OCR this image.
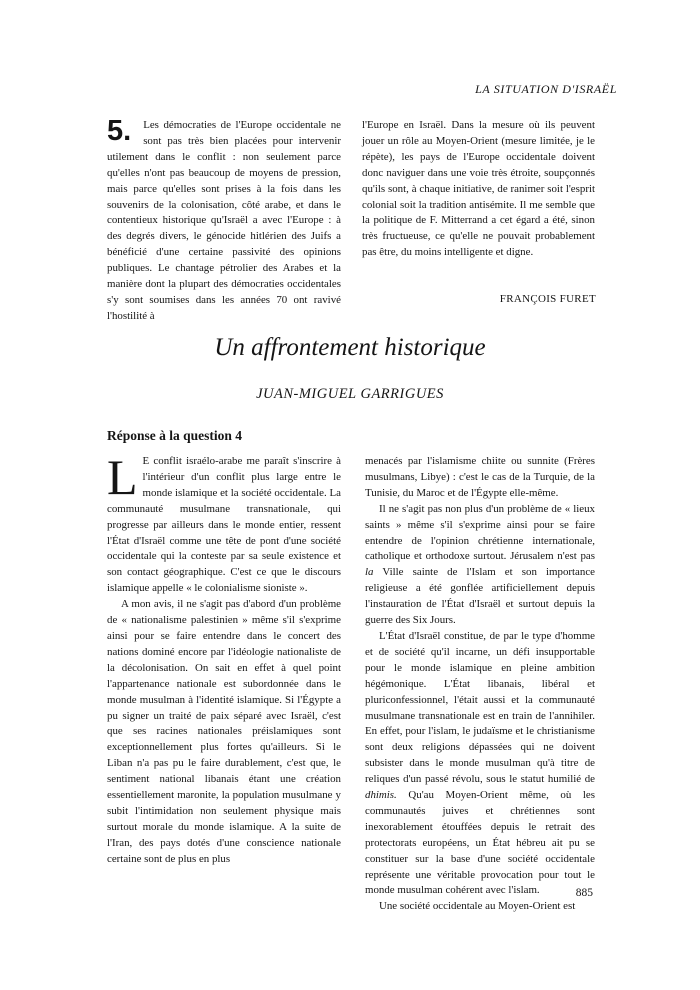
LA SITUATION D'ISRAËL

5. Les démocraties de l'Europe occidentale ne sont pas très bien placées pour intervenir utilement dans le conflit : non seulement parce qu'elles n'ont pas beaucoup de moyens de pression, mais parce qu'elles sont prises à la fois dans les souvenirs de la colonisation, côté arabe, et dans le contentieux historique qu'Israël a avec l'Europe : à des degrés divers, le génocide hitlérien des Juifs a bénéficié d'une certaine passivité des opinions publiques. Le chantage pétrolier des Arabes et la manière dont la plupart des démocraties occidentales s'y sont soumises dans les années 70 ont ravivé l'hostilité à

l'Europe en Israël. Dans la mesure où ils peuvent jouer un rôle au Moyen-Orient (mesure limitée, je le répète), les pays de l'Europe occidentale doivent donc naviguer dans une voie très étroite, soupçonnés qu'ils sont, à chaque initiative, de ranimer soit l'esprit colonial soit la tradition antisémite. Il me semble que la politique de F. Mitterrand a cet égard a été, sinon très fructueuse, ce qu'elle ne pouvait probablement pas être, du moins intelligente et digne.

FRANÇOIS FURET
Un affrontement historique
JUAN-MIGUEL GARRIGUES
Réponse à la question 4

L E conflit israélo-arabe me paraît s'inscrire à l'intérieur d'un conflit plus large entre le monde islamique et la société occidentale. La communauté musulmane transnationale, qui progresse par ailleurs dans le monde entier, ressent l'État d'Israël comme une tête de pont d'une société occidentale qui la conteste par sa seule existence et son contact géographique. C'est ce que le discours islamique appelle « le colonialisme sioniste ».

A mon avis, il ne s'agit pas d'abord d'un problème de « nationalisme palestinien » même s'il s'exprime ainsi pour se faire entendre dans le concert des nations dominé encore par l'idéologie nationaliste de la décolonisation. On sait en effet à quel point l'appartenance nationale est subordonnée dans le monde musulman à l'identité islamique. Si l'Égypte a pu signer un traité de paix séparé avec Israël, c'est que ses racines nationales préislamiques sont exceptionnellement plus fortes qu'ailleurs. Si le Liban n'a pas pu le faire durablement, c'est que, le sentiment national libanais étant une création essentiellement maronite, la population musulmane y subit l'intimidation non seulement physique mais surtout morale du monde islamique. A la suite de l'Iran, des pays dotés d'une conscience nationale certaine sont de plus en plus

menacés par l'islamisme chiite ou sunnite (Frères musulmans, Libye) : c'est le cas de la Turquie, de la Tunisie, du Maroc et de l'Égypte elle-même.

Il ne s'agit pas non plus d'un problème de « lieux saints » même s'il s'exprime ainsi pour se faire entendre de l'opinion chrétienne internationale, catholique et orthodoxe surtout. Jérusalem n'est pas la Ville sainte de l'Islam et son importance religieuse a été gonflée artificiellement depuis l'instauration de l'État d'Israël et surtout depuis la guerre des Six Jours.

L'État d'Israël constitue, de par le type d'homme et de société qu'il incarne, un défi insupportable pour le monde islamique en pleine ambition hégémonique. L'État libanais, libéral et pluriconfessionnel, l'était aussi et la communauté musulmane transnationale est en train de l'annihiler. En effet, pour l'islam, le judaïsme et le christianisme sont deux religions dépassées qui ne doivent subsister dans le monde musulman qu'à titre de reliques d'un passé révolu, sous le statut humilié de dhimis. Qu'au Moyen-Orient même, où les communautés juives et chrétiennes sont inexorablement étouffées depuis le retrait des protectorats européens, un État hébreu ait pu se constituer sur la base d'une société occidentale représente une véritable provocation pour tout le monde musulman cohérent avec l'islam.

Une société occidentale au Moyen-Orient est

885
